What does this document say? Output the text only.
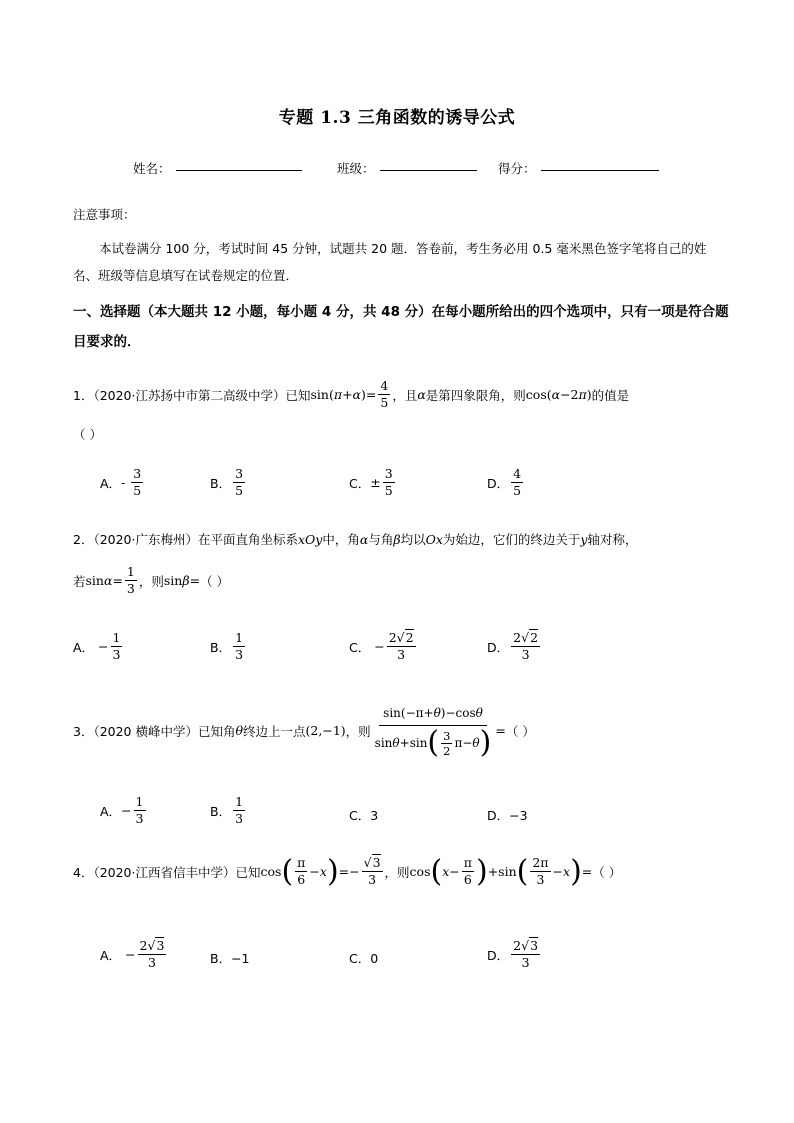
专题 1.3 三角函数的诱导公式
姓名：	班级：	得分：
注意事项：
本试卷满分 100 分，考试时间 45 分钟，试题共 20 题．答卷前，考生务必用 0.5 毫米黑色签字笔将自己的姓名、班级等信息填写在试卷规定的位置．
一、选择题（本大题共 12 小题，每小题 4 分，共 48 分）在每小题所给出的四个选项中，只有一项是符合题目要求的．
1．（2020·江苏扬中市第二高级中学）已知 $\sin(\pi+\alpha)= \frac{4}{5}$ ，且 α 是第四象限角，则 cos(α−2π) 的值是
（ ）
A． - $\frac{3}{5}$	B． $\frac{3}{5}$	C． ± $\frac{3}{5}$	D． $\frac{4}{5}$
2．（2020·广东梅州）在平面直角坐标系xOy中，角α与角β均以Ox为始边，它们的终边关于y轴对称，
若 $\sin\alpha= \frac{1}{3}$ ，则 sinβ= （ ）
A． − $\frac{1}{3}$	B． $\frac{1}{3}$	C． − $\frac{2√2}{3}$	D． $\frac{2√2}{3}$
3．（2020 横峰中学）已知角 θ 终边上一点 (2,−1) ，则 $\frac{\sin(-\pi+\theta)-\cos\theta}{\sin \theta +\sin ( \frac{3}{2} \pi- \theta )}$ = （ ）
A． − $\frac{1}{3}$	B． $\frac{1}{3}$	C．3	D．−3
4．（2020·江西省信丰中学）已知 cos ( $\frac{\pi}{6} - x$ ) =− $\frac{√3}{3}$ ，则 cos ( $x - \frac{\pi}{6}$ ) +sin ( $\frac{2\pi}{3} - x$ ) = （ ）
A． − $\frac{2√3}{3}$	B．−1	C．0	D． $\frac{2√3}{3}$
